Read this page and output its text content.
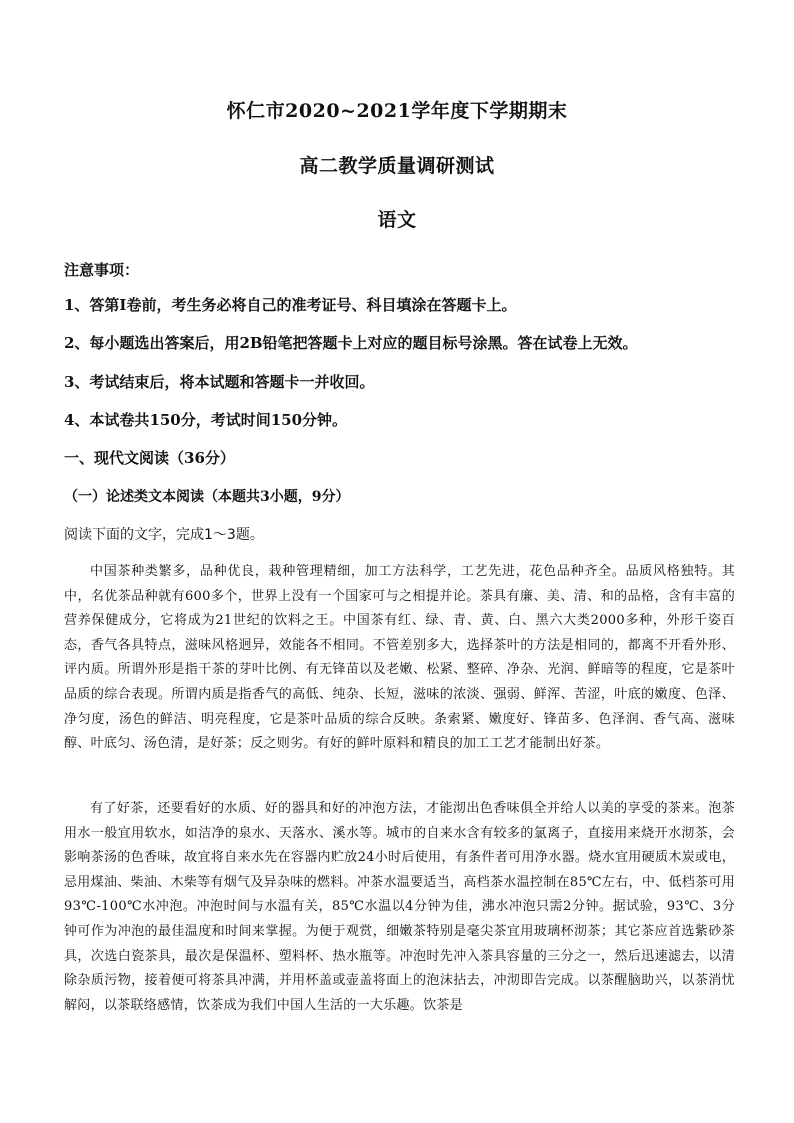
怀仁市2020~2021学年度下学期期末
高二教学质量调研测试
语文
注意事项：
1、答第Ⅰ卷前，考生务必将自己的准考证号、科目填涂在答题卡上。
2、每小题选出答案后，用2B铅笔把答题卡上对应的题目标号涂黑。答在试卷上无效。
3、考试结束后，将本试题和答题卡一并收回。
4、本试卷共150分，考试时间150分钟。
一、现代文阅读（36分）
（一）论述类文本阅读（本题共3小题，9分）
阅读下面的文字，完成1～3题。

中国茶种类繁多，品种优良，栽种管理精细，加工方法科学，工艺先进，花色品种齐全。品质风格独特。其中，名优茶品种就有600多个，世界上没有一个国家可与之相提并论。茶具有廉、美、清、和的品格，含有丰富的营养保健成分，它将成为21世纪的饮料之王。中国茶有红、绿、青、黄、白、黑六大类2000多种，外形千姿百态，香气各具特点，滋味风格迥异，效能各不相同。不管差别多大，选择茶叶的方法是相同的，都离不开看外形、评内质。所谓外形是指干茶的芽叶比例、有无锋苗以及老嫩、松紧、整碎、净杂、光润、鲜暗等的程度，它是茶叶品质的综合表现。所谓内质是指香气的高低、纯杂、长短，滋味的浓淡、强弱、鲜浑、苦涩，叶底的嫩度、色泽、净匀度，汤色的鲜洁、明亮程度，它是茶叶品质的综合反映。条索紧、嫩度好、锋苗多、色泽润、香气高、滋味醇、叶底匀、汤色清，是好茶；反之则劣。有好的鲜叶原料和精良的加工工艺才能制出好茶。

有了好茶，还要看好的水质、好的器具和好的冲泡方法，才能沏出色香味俱全并给人以美的享受的茶来。泡茶用水一般宜用软水，如洁净的泉水、天落水、溪水等。城市的自来水含有较多的氯离子，直接用来烧开水沏茶，会影响茶汤的色香味，故宜将自来水先在容器内贮放24小时后使用，有条件者可用净水器。烧水宜用硬质木炭或电，忌用煤油、柴油、木柴等有烟气及异杂味的燃料。冲茶水温要适当，高档茶水温控制在85℃左右，中、低档茶可用93℃-100℃水冲泡。冲泡时间与水温有关，85℃水温以4分钟为佳，沸水冲泡只需2分钟。据试验，93℃、3分钟可作为冲泡的最佳温度和时间来掌握。为便于观赏，细嫩茶特别是毫尖茶宜用玻璃杯沏茶；其它茶应首选紫砂茶具，次选白瓷茶具，最次是保温杯、塑料杯、热水瓶等。冲泡时先冲入茶具容量的三分之一，然后迅速滤去，以清除杂质污物，接着便可将茶具冲满，并用杯盖或壶盖将面上的泡沫拈去，冲沏即告完成。以茶醒脑助兴，以茶消忧解闷，以茶联络感情，饮茶成为我们中国人生活的一大乐趣。饮茶是
